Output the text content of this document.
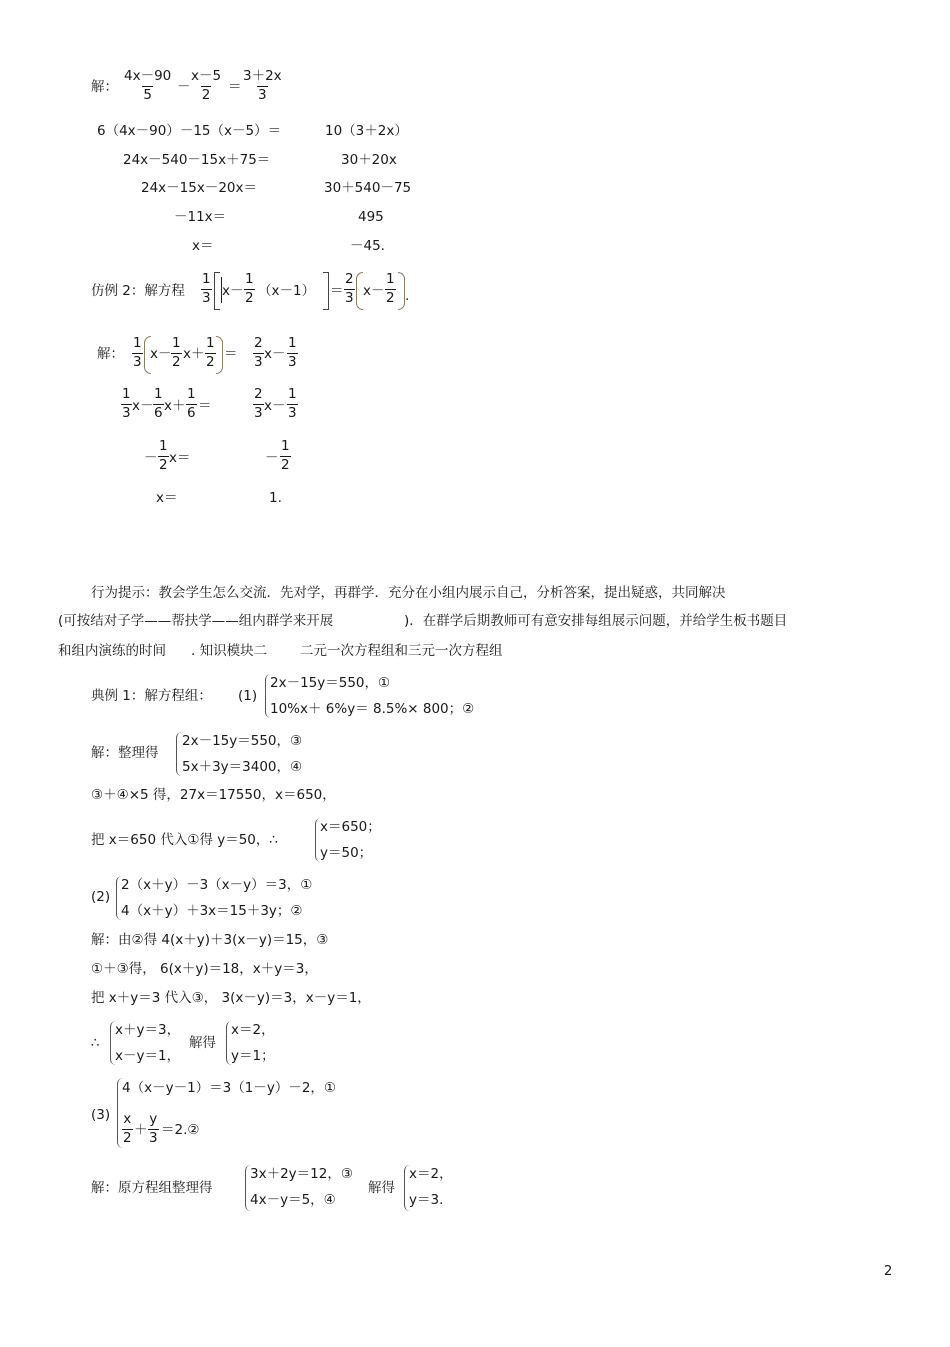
解： $\frac{4x-90}{5} - \frac{x-5}{2} = \frac{3+2x}{3}$
6（4x－90）－15（x－5）＝	10（3＋2x）
24x－540－15x＋75＝	30＋20x
24x－15x－20x＝	30＋540－75
－11x＝	495
x＝	－45.
仿例 2：解方程 $\frac{1}{3} x- \frac{1}{2} (x-1) = \frac{2}{3} x- \frac{1}{2}$ .
解： $\frac{1}{3} x- \frac{1}{2} x+ \frac{1}{2} = \frac{2}{3} x- \frac{1}{3}$
$\frac{1}{3} x- \frac{1}{6} x+ \frac{1}{6}$ ＝	$\frac{2}{3} x- \frac{1}{3}$
－ $\frac{1}{2} x=$	－ $\frac{1}{2}$
x＝	1.
行为提示：教会学生怎么交流．先对学，再群学．充分在小组内展示自己，分析答案，提出疑惑，共同解决
(可按结对子学——帮扶学——组内群学来开展	)．在群学后期教师可有意安排每组展示问题，并给学生板书题目
和组内演练的时间 . 知识模块二 二元一次方程组和三元一次方程组
典例 1：解方程组： (1)
2x－15y＝550，①
10%x＋ 6%y＝ 8.5%× 800；②
解：整理得
2x－15y＝550，③
5x＋3y＝3400，④
③＋④×5 得，27x＝17550，x＝650，
把 x＝650 代入①得 y＝50，∴
x＝650；
y＝50；
(2)
2（x＋y）－3（x－y）＝3，①
4（x＋y）＋3x＝15＋3y；②
解：由②得 4(x＋y)＋3(x－y)＝15，③
①＋③得， 6(x＋y)＝18，x＋y＝3，
把 x＋y＝3 代入③， 3(x－y)＝3，x－y＝1，
∴
x＋y＝3，
x－y＝1，
解得
x＝2，
y＝1；
(3)
4（x－y－1）＝3（1－y）－2，①
$\frac{x}{2} + \frac{y}{3}$ ＝2.②
解：原方程组整理得
3x＋2y＝12，③
4x－y＝5，④
解得
x＝2，
y＝3.
2
